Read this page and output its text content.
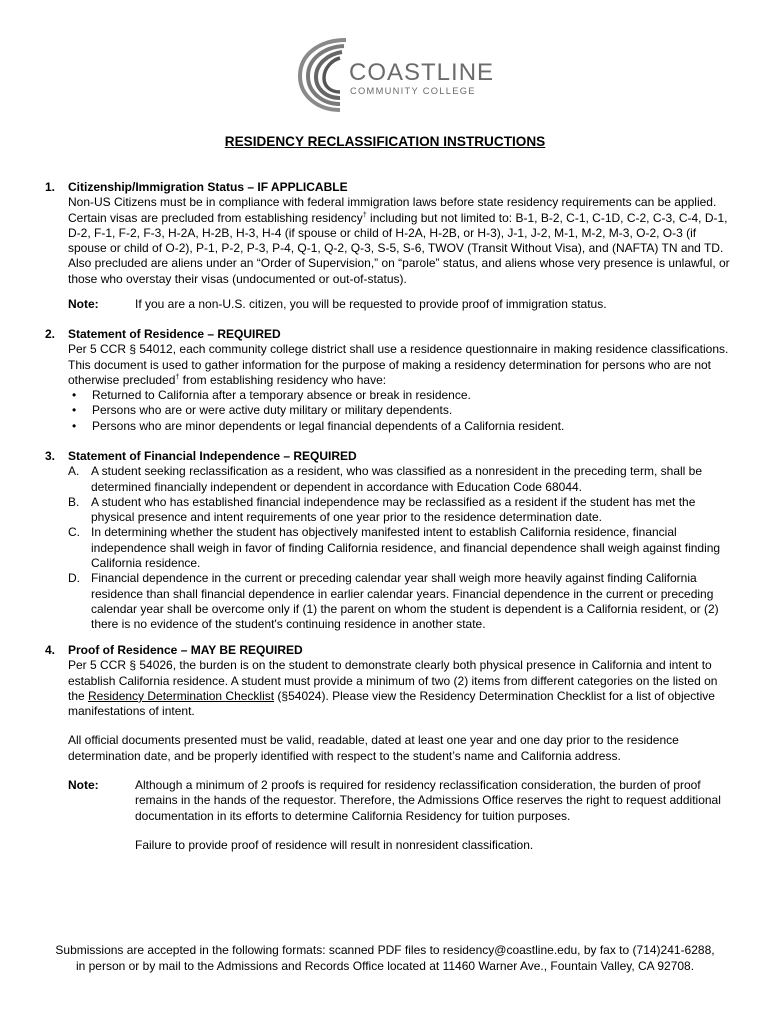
COASTLINE
COMMUNITY COLLEGE
RESIDENCY RECLASSIFICATION INSTRUCTIONS
1. Citizenship/Immigration Status – IF APPLICABLE
Non-US Citizens must be in compliance with federal immigration laws before state residency requirements can be applied. Certain visas are precluded from establishing residency† including but not limited to: B-1, B-2, C-1, C-1D, C-2, C-3, C-4, D-1, D-2, F-1, F-2, F-3, H-2A, H-2B, H-3, H-4 (if spouse or child of H-2A, H-2B, or H-3), J-1, J-2, M-1, M-2, M-3, O-2, O-3 (if spouse or child of O-2), P-1, P-2, P-3, P-4, Q-1, Q-2, Q-3, S-5, S-6, TWOV (Transit Without Visa), and (NAFTA) TN and TD. Also precluded are aliens under an “Order of Supervision,” on “parole” status, and aliens whose very presence is unlawful, or those who overstay their visas (undocumented or out-of-status).
Note:	If you are a non-U.S. citizen, you will be requested to provide proof of immigration status.
2. Statement of Residence – REQUIRED
Per 5 CCR § 54012, each community college district shall use a residence questionnaire in making residence classifications. This document is used to gather information for the purpose of making a residency determination for persons who are not otherwise precluded† from establishing residency who have:
• Returned to California after a temporary absence or break in residence.
• Persons who are or were active duty military or military dependents.
• Persons who are minor dependents or legal financial dependents of a California resident.
3. Statement of Financial Independence – REQUIRED
A. A student seeking reclassification as a resident, who was classified as a nonresident in the preceding term, shall be determined financially independent or dependent in accordance with Education Code 68044.
B. A student who has established financial independence may be reclassified as a resident if the student has met the physical presence and intent requirements of one year prior to the residence determination date.
C. In determining whether the student has objectively manifested intent to establish California residence, financial independence shall weigh in favor of finding California residence, and financial dependence shall weigh against finding California residence.
D. Financial dependence in the current or preceding calendar year shall weigh more heavily against finding California residence than shall financial dependence in earlier calendar years. Financial dependence in the current or preceding calendar year shall be overcome only if (1) the parent on whom the student is dependent is a California resident, or (2) there is no evidence of the student's continuing residence in another state.
4. Proof of Residence – MAY BE REQUIRED
Per 5 CCR § 54026, the burden is on the student to demonstrate clearly both physical presence in California and intent to establish California residence. A student must provide a minimum of two (2) items from different categories on the listed on the Residency Determination Checklist (§54024). Please view the Residency Determination Checklist for a list of objective manifestations of intent.
All official documents presented must be valid, readable, dated at least one year and one day prior to the residence determination date, and be properly identified with respect to the student’s name and California address.
Note:	Although a minimum of 2 proofs is required for residency reclassification consideration, the burden of proof remains in the hands of the requestor. Therefore, the Admissions Office reserves the right to request additional documentation in its efforts to determine California Residency for tuition purposes.
Failure to provide proof of residence will result in nonresident classification.
Submissions are accepted in the following formats: scanned PDF files to residency@coastline.edu, by fax to (714)241-6288,
in person or by mail to the Admissions and Records Office located at 11460 Warner Ave., Fountain Valley, CA 92708.
